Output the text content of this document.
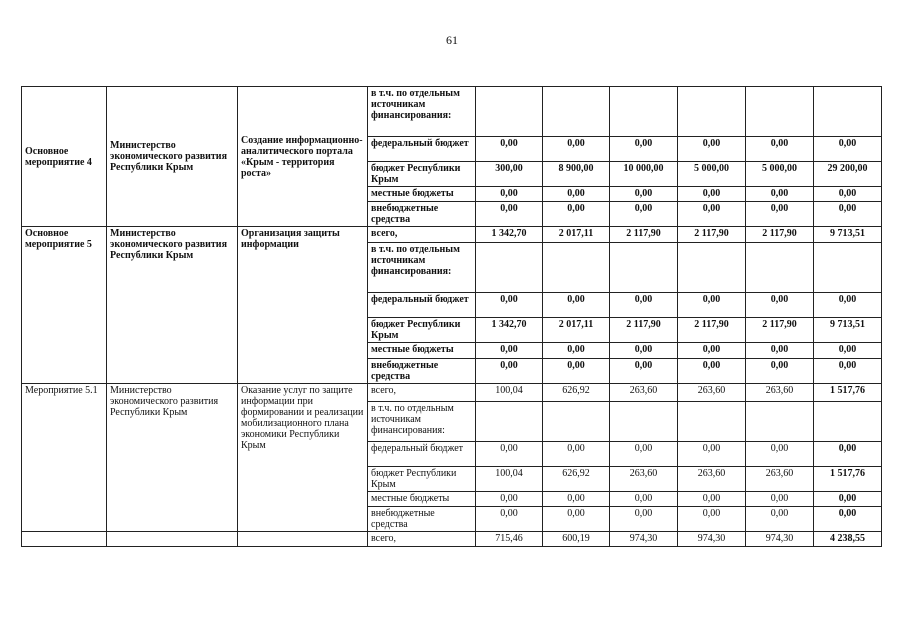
61
Основное мероприятие 4	Министерство экономического развития Республики Крым	Создание информационно-аналитического портала «Крым - территория роста»	в т.ч. по отдельным источникам финансирования:						
			федеральный бюджет	0,00	0,00	0,00	0,00	0,00	0,00
			бюджет Республики Крым	300,00	8 900,00	10 000,00	5 000,00	5 000,00	29 200,00
			местные бюджеты	0,00	0,00	0,00	0,00	0,00	0,00
			внебюджетные средства	0,00	0,00	0,00	0,00	0,00	0,00
Основное мероприятие 5	Министерство экономического развития Республики Крым	Организация защиты информации	всего,	1 342,70	2 017,11	2 117,90	2 117,90	2 117,90	9 713,51
			в т.ч. по отдельным источникам финансирования:						
			федеральный бюджет	0,00	0,00	0,00	0,00	0,00	0,00
			бюджет Республики Крым	1 342,70	2 017,11	2 117,90	2 117,90	2 117,90	9 713,51
			местные бюджеты	0,00	0,00	0,00	0,00	0,00	0,00
			внебюджетные средства	0,00	0,00	0,00	0,00	0,00	0,00
Мероприятие 5.1	Министерство экономического развития Республики Крым	Оказание услуг по защите информации при формировании и реализации мобилизационного плана экономики Республики Крым	всего,	100,04	626,92	263,60	263,60	263,60	1 517,76
			в т.ч. по отдельным источникам финансирования:						
			федеральный бюджет	0,00	0,00	0,00	0,00	0,00	0,00
			бюджет Республики Крым	100,04	626,92	263,60	263,60	263,60	1 517,76
			местные бюджеты	0,00	0,00	0,00	0,00	0,00	0,00
			внебюджетные средства	0,00	0,00	0,00	0,00	0,00	0,00
			всего,	715,46	600,19	974,30	974,30	974,30	4 238,55
